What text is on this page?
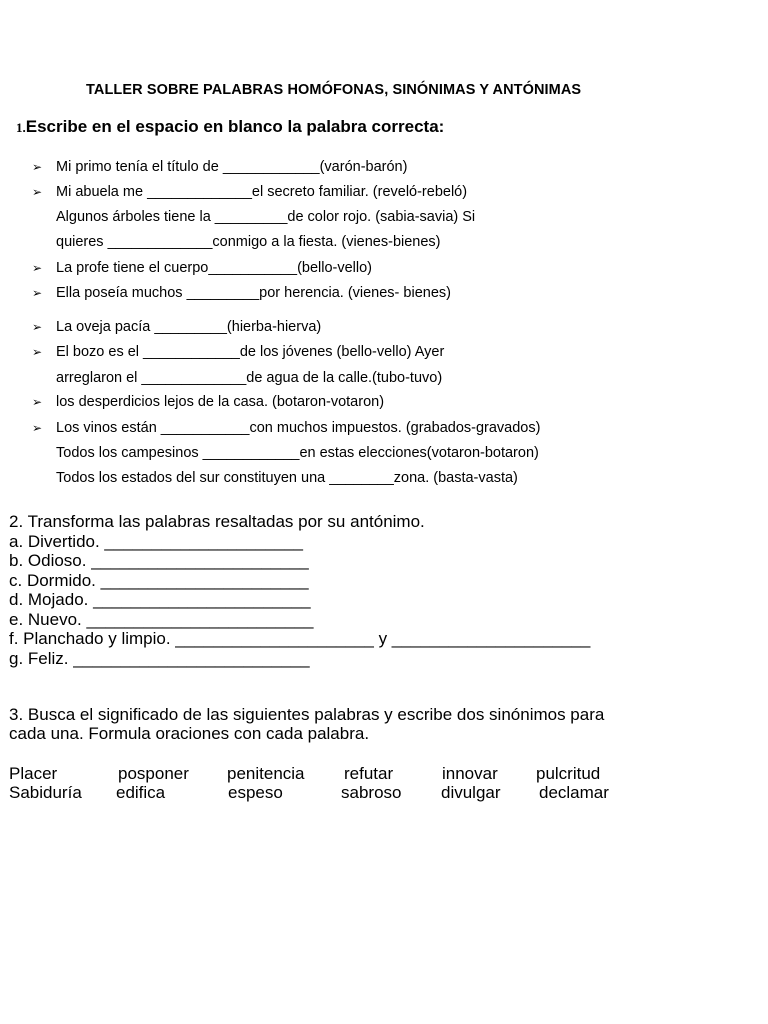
TALLER SOBRE PALABRAS HOMÓFONAS, SINÓNIMAS Y ANTÓNIMAS
1.Escribe en el espacio en blanco la palabra correcta:
➢ Mi primo tenía el título de ____________(varón-barón)
➢ Mi abuela me _____________el secreto familiar. (reveló-rebeló)
Algunos árboles tiene la _________de color rojo. (sabia-savia) Si
quieres _____________conmigo a la fiesta. (vienes-bienes)
➢ La profe tiene el cuerpo___________(bello-vello)
➢ Ella poseía muchos _________por herencia. (vienes- bienes)
➢ La oveja pacía _________(hierba-hierva)
➢ El bozo es el ____________de los jóvenes (bello-vello) Ayer
arreglaron el _____________de agua de la calle.(tubo-tuvo)
➢ los desperdicios lejos de la casa. (botaron-votaron)
➢ Los vinos están ___________con muchos impuestos. (grabados-gravados)
Todos los campesinos ____________en estas elecciones(votaron-botaron)
Todos los estados del sur constituyen una ________zona. (basta-vasta)
2. Transforma las palabras resaltadas por su antónimo.
a. Divertido. _____________________
b. Odioso. _______________________
c. Dormido. ______________________
d. Mojado. _______________________
e. Nuevo. ________________________
f. Planchado y limpio. _____________________ y _____________________
g. Feliz. _________________________
3. Busca el significado de las siguientes palabras y escribe dos sinónimos para
cada una. Formula oraciones con cada palabra.
Placer	posponer penitencia refutar	innovar pulcritud
Sabiduría edifica	espeso	sabroso divulgar declamar
